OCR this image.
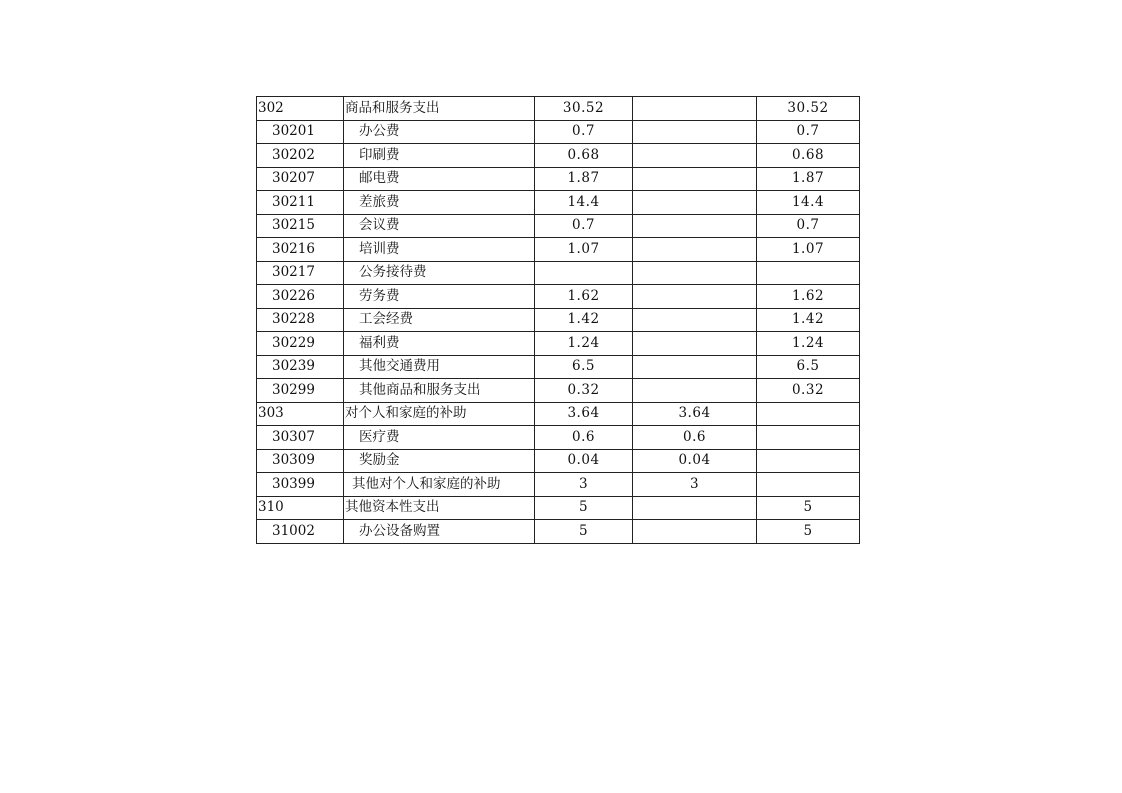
302	商品和服务支出	30.52		30.52
30201	办公费	0.7		0.7
30202	印刷费	0.68		0.68
30207	邮电费	1.87		1.87
30211	差旅费	14.4		14.4
30215	会议费	0.7		0.7
30216	培训费	1.07		1.07
30217	公务接待费			
30226	劳务费	1.62		1.62
30228	工会经费	1.42		1.42
30229	福利费	1.24		1.24
30239	其他交通费用	6.5		6.5
30299	其他商品和服务支出	0.32		0.32
303	对个人和家庭的补助	3.64	3.64	
30307	医疗费	0.6	0.6	
30309	奖励金	0.04	0.04	
30399	其他对个人和家庭的补助	3	3	
310	其他资本性支出	5		5
31002	办公设备购置	5		5
